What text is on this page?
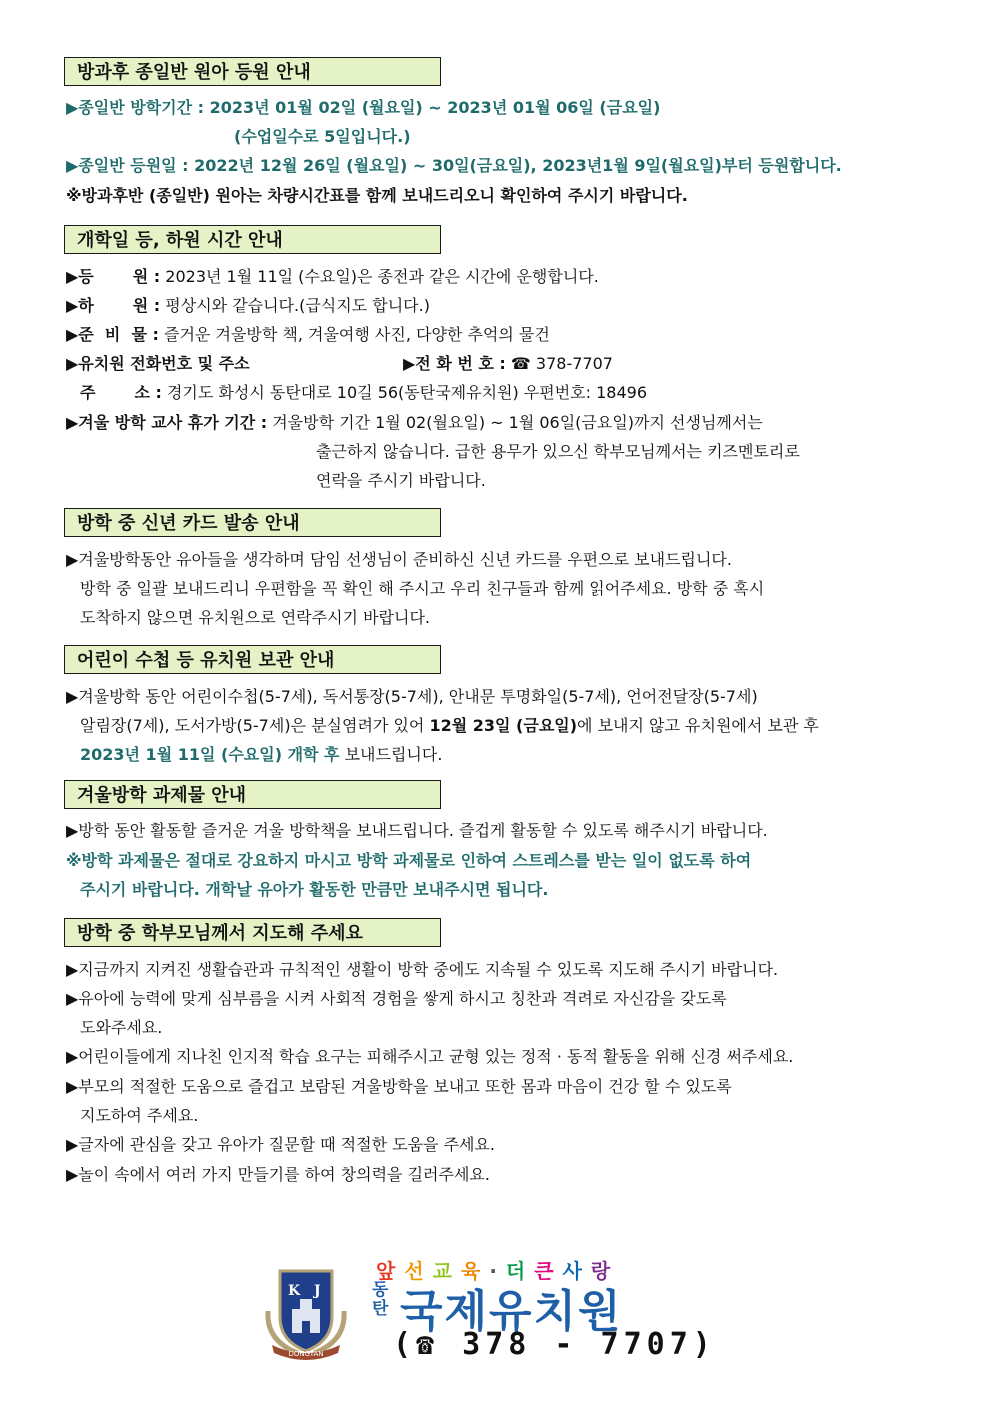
방과후 종일반 원아 등원 안내
▶종일반 방학기간 : 2023년 01월 02일 (월요일) ~ 2023년 01월 06일 (금요일)
(수업일수로 5일입니다.)
▶종일반 등원일 : 2022년 12월 26일 (월요일) ~ 30일(금요일), 2023년1월 9일(월요일)부터 등원합니다.
※방과후반 (종일반) 원아는 차량시간표를 함께 보내드리오니 확인하여 주시기 바랍니다.
개학일 등, 하원 시간 안내
▶등       원 : 2023년 1월 11일 (수요일)은 종전과 같은 시간에 운행합니다.
▶하       원 : 평상시와 같습니다.(급식지도 합니다.)
▶준  비  물 : 즐거운 겨울방학 책, 겨울여행 사진, 다양한 추억의 물건
▶유치원 전화번호 및 주소	▶전 화 번 호 : ☎ 378-7707
주       소 : 경기도 화성시 동탄대로 10길 56(동탄국제유치원) 우편번호: 18496
▶겨울 방학 교사 휴가 기간 : 겨울방학 기간 1월 02(월요일) ~ 1월 06일(금요일)까지 선생님께서는
출근하지 않습니다. 급한 용무가 있으신 학부모님께서는 키즈멘토리로
연락을 주시기 바랍니다.
방학 중 신년 카드 발송 안내
▶겨울방학동안 유아들을 생각하며 담임 선생님이 준비하신 신년 카드를 우편으로 보내드립니다.
방학 중 일괄 보내드리니 우편함을 꼭 확인 해 주시고 우리 친구들과 함께 읽어주세요. 방학 중 혹시
도착하지 않으면 유치원으로 연락주시기 바랍니다.
어린이 수첩 등 유치원 보관 안내
▶겨울방학 동안 어린이수첩(5-7세), 독서통장(5-7세), 안내문 투명화일(5-7세), 언어전달장(5-7세)
알림장(7세), 도서가방(5-7세)은 분실염려가 있어 12월 23일 (금요일)에 보내지 않고 유치원에서 보관 후
2023년 1월 11일 (수요일) 개학 후 보내드립니다.
겨울방학 과제물 안내
▶방학 동안 활동할 즐거운 겨울 방학책을 보내드립니다. 즐겁게 활동할 수 있도록 해주시기 바랍니다.
※방학 과제물은 절대로 강요하지 마시고 방학 과제물로 인하여 스트레스를 받는 일이 없도록 하여
주시기 바랍니다. 개학날 유아가 활동한 만큼만 보내주시면 됩니다.
방학 중 학부모님께서 지도해 주세요
▶지금까지 지켜진 생활습관과 규칙적인 생활이 방학 중에도 지속될 수 있도록 지도해 주시기 바랍니다.
▶유아에 능력에 맞게 심부름을 시켜 사회적 경험을 쌓게 하시고 칭찬과 격려로 자신감을 갖도록
도와주세요.
▶어린이들에게 지나친 인지적 학습 요구는 피해주시고 균형 있는 정적 · 동적 활동을 위해 신경 써주세요.
▶부모의 적절한 도움으로 즐겁고 보람된 겨울방학을 보내고 또한 몸과 마음이 건강 할 수 있도록
지도하여 주세요.
▶글자에 관심을 갖고 유아가 질문할 때 적절한 도움을 주세요.
▶놀이 속에서 여러 가지 만들기를 하여 창의력을 길러주세요.
K J
DONGTAN
앞선교육·더큰사랑
동
탄 국제유치원
(☎ 378 - 7707)
